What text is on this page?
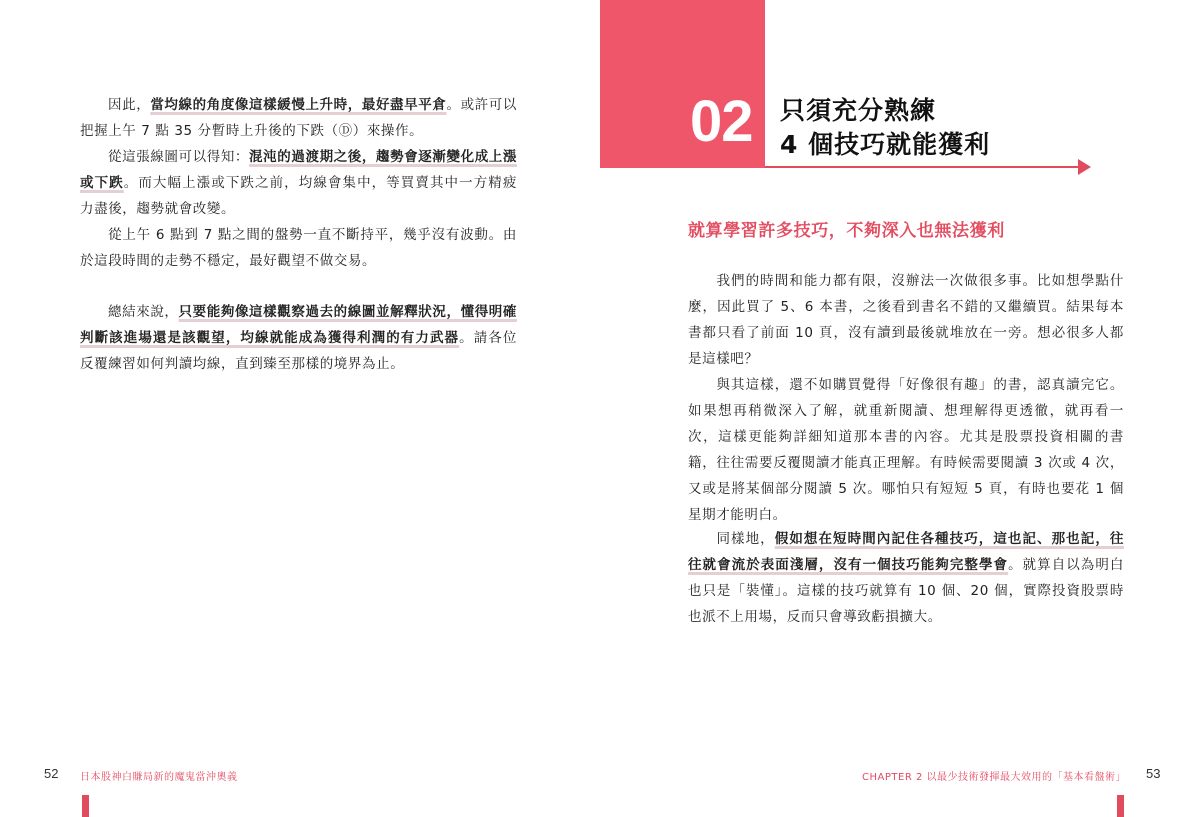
因此，當均線的角度像這樣緩慢上升時，最好盡早平倉。或許可以把握上午 7 點 35 分暫時上升後的下跌（Ⓓ）來操作。

從這張線圖可以得知：混沌的過渡期之後，趨勢會逐漸變化成上漲或下跌。而大幅上漲或下跌之前，均線會集中，等買賣其中一方精疲力盡後，趨勢就會改變。

從上午 6 點到 7 點之間的盤勢一直不斷持平，幾乎沒有波動。由於這段時間的走勢不穩定，最好觀望不做交易。

總結來說，只要能夠像這樣觀察過去的線圖並解釋狀況，懂得明確判斷該進場還是該觀望，均線就能成為獲得利潤的有力武器。請各位反覆練習如何判讀均線，直到臻至那樣的境界為止。

52 日本股神白賺局新的魔鬼當沖奧義
02 只須充分熟練
4 個技巧就能獲利
就算學習許多技巧，不夠深入也無法獲利

我們的時間和能力都有限，沒辦法一次做很多事。比如想學點什麼，因此買了 5、6 本書，之後看到書名不錯的又繼續買。結果每本書都只看了前面 10 頁，沒有讀到最後就堆放在一旁。想必很多人都是這樣吧？

與其這樣，還不如購買覺得「好像很有趣」的書，認真讀完它。如果想再稍微深入了解，就重新閱讀、想理解得更透徹，就再看一次，這樣更能夠詳細知道那本書的內容。尤其是股票投資相關的書籍，往往需要反覆閱讀才能真正理解。有時候需要閱讀 3 次或 4 次，又或是將某個部分閱讀 5 次。哪怕只有短短 5 頁，有時也要花 1 個星期才能明白。

同樣地，假如想在短時間內記住各種技巧，這也記、那也記，往往就會流於表面淺層，沒有一個技巧能夠完整學會。就算自以為明白也只是「裝懂」。這樣的技巧就算有 10 個、20 個，實際投資股票時也派不上用場，反而只會導致虧損擴大。

CHAPTER 2 以最少技術發揮最大效用的「基本看盤術」 53
